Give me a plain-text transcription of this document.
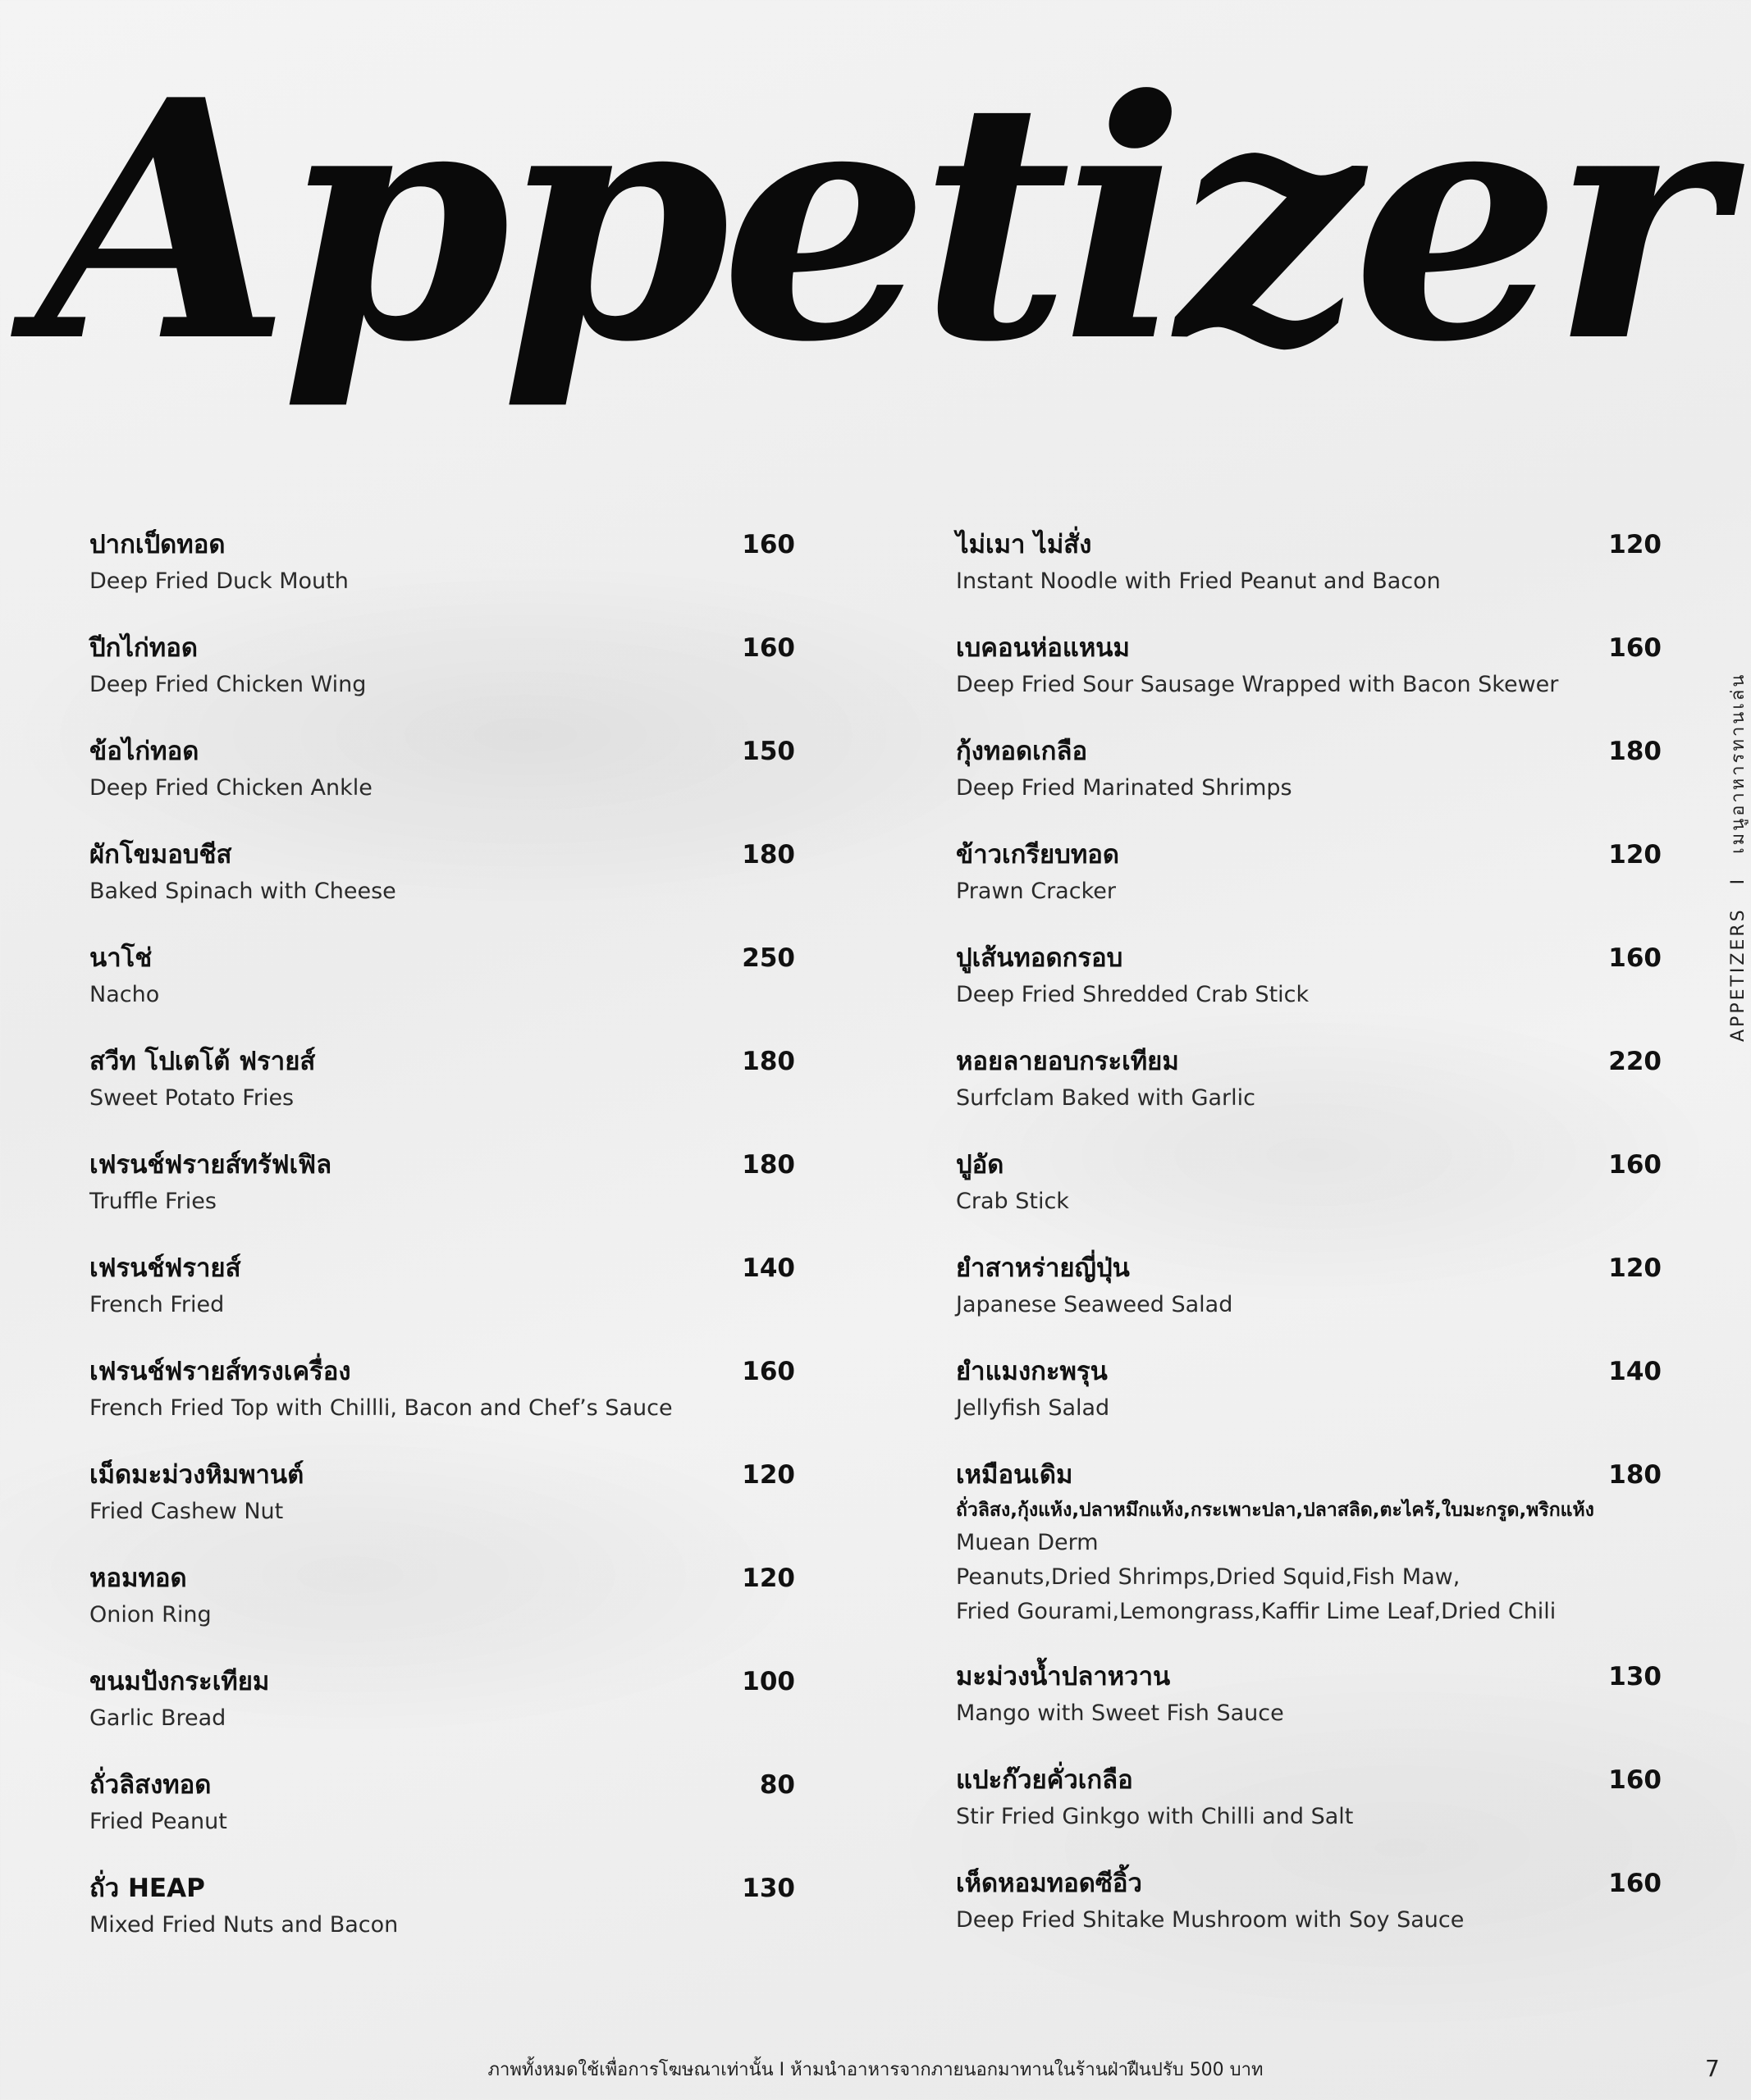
Appetizer
ปากเป็ดทอด	160
Deep Fried Duck Mouth
ปีกไก่ทอด	160
Deep Fried Chicken Wing
ข้อไก่ทอด	150
Deep Fried Chicken Ankle
ผักโขมอบชีส	180
Baked Spinach with Cheese
นาโช่	250
Nacho
สวีท โปเตโต้ ฟรายส์	180
Sweet Potato Fries
เฟรนช์ฟรายส์ทรัฟเฟิล	180
Truffle Fries
เฟรนช์ฟรายส์	140
French Fried
เฟรนช์ฟรายส์ทรงเครื่อง	160
French Fried Top with Chillli, Bacon and Chef’s Sauce
เม็ดมะม่วงหิมพานต์	120
Fried Cashew Nut
หอมทอด	120
Onion Ring
ขนมปังกระเทียม	100
Garlic Bread
ถั่วลิสงทอด	80
Fried Peanut
ถั่ว HEAP	130
Mixed Fried Nuts and Bacon
ไม่เมา ไม่สั่ง	120
Instant Noodle with Fried Peanut and Bacon
เบคอนห่อแหนม	160
Deep Fried Sour Sausage Wrapped with Bacon Skewer
กุ้งทอดเกลือ	180
Deep Fried Marinated Shrimps
ข้าวเกรียบทอด	120
Prawn Cracker
ปูเส้นทอดกรอบ	160
Deep Fried Shredded Crab Stick
หอยลายอบกระเทียม	220
Surfclam Baked with Garlic
ปูอัด	160
Crab Stick
ยำสาหร่ายญี่ปุ่น	120
Japanese Seaweed Salad
ยำแมงกะพรุน	140
Jellyfish Salad
เหมือนเดิม	180
ถั่วลิสง,กุ้งแห้ง,ปลาหมึกแห้ง,กระเพาะปลา,ปลาสลิด,ตะไคร้,ใบมะกรูด,พริกแห้ง
Muean Derm
Peanuts,Dried Shrimps,Dried Squid,Fish Maw,
Fried Gourami,Lemongrass,Kaffir Lime Leaf,Dried Chili
มะม่วงน้ำปลาหวาน	130
Mango with Sweet Fish Sauce
แปะก๊วยคั่วเกลือ	160
Stir Fried Ginkgo with Chilli and Salt
เห็ดหอมทอดซีอิ้ว	160
Deep Fried Shitake Mushroom with Soy Sauce
APPETIZERS I เมนูอาหารทานเล่น
ภาพทั้งหมดใช้เพื่อการโฆษณาเท่านั้น I ห้ามนำอาหารจากภายนอกมาทานในร้านฝ่าฝืนปรับ 500 บาท	7
